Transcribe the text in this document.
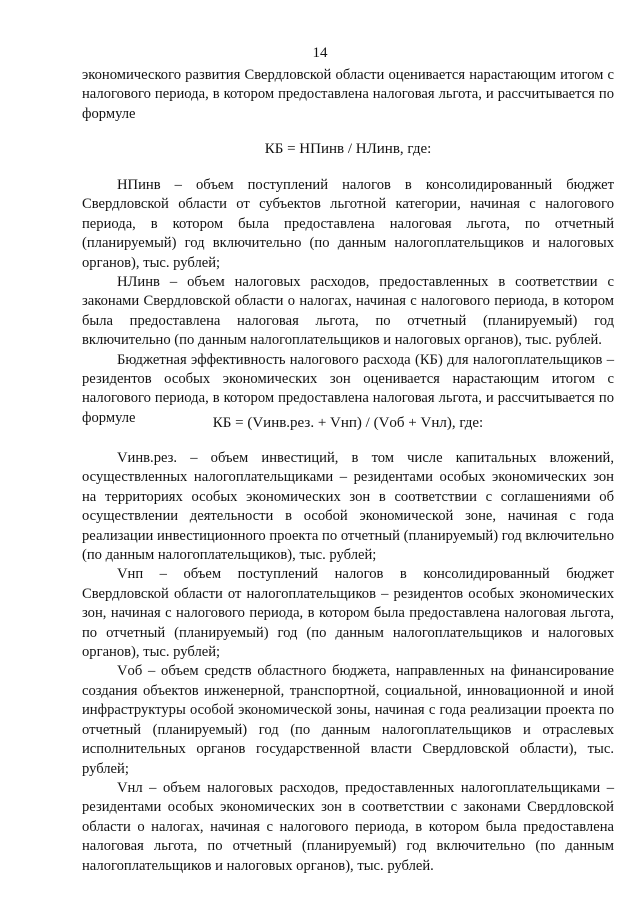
14

экономического развития Свердловской области оценивается нарастающим итогом с налогового периода, в котором предоставлена налоговая льгота, и рассчитывается по формуле

КБ = НПинв / НЛинв, где:

НПинв – объем поступлений налогов в консолидированный бюджет Свердловской области от субъектов льготной категории, начиная с налогового периода, в котором была предоставлена налоговая льгота, по отчетный (планируемый) год включительно (по данным налогоплательщиков и налоговых органов), тыс. рублей;

НЛинв – объем налоговых расходов, предоставленных в соответствии с законами Свердловской области о налогах, начиная с налогового периода, в котором была предоставлена налоговая льгота, по отчетный (планируемый) год включительно (по данным налогоплательщиков и налоговых органов), тыс. рублей.

Бюджетная эффективность налогового расхода (КБ) для налогоплательщиков – резидентов особых экономических зон оценивается нарастающим итогом с налогового периода, в котором предоставлена налоговая льгота, и рассчитывается по формуле	КБ = (Vинв.рез. + Vнп) / (Vоб + Vнл), где:

Vинв.рез. – объем инвестиций, в том числе капитальных вложений, осуществленных налогоплательщиками – резидентами особых экономических зон на территориях особых экономических зон в соответствии с соглашениями об осуществлении деятельности в особой экономической зоне, начиная с года реализации инвестиционного проекта по отчетный (планируемый) год включительно (по данным налогоплательщиков), тыс. рублей;

Vнп – объем поступлений налогов в консолидированный бюджет Свердловской области от налогоплательщиков – резидентов особых экономических зон, начиная с налогового периода, в котором была предоставлена налоговая льгота, по отчетный (планируемый) год (по данным налогоплательщиков и налоговых органов), тыс. рублей;

Vоб – объем средств областного бюджета, направленных на финансирование создания объектов инженерной, транспортной, социальной, инновационной и иной инфраструктуры особой экономической зоны, начиная с года реализации проекта по отчетный (планируемый) год (по данным налогоплательщиков и отраслевых исполнительных органов государственной власти Свердловской области), тыс. рублей;

Vнл – объем налоговых расходов, предоставленных налогоплательщиками – резидентами особых экономических зон в соответствии с законами Свердловской области о налогах, начиная с налогового периода, в котором была предоставлена налоговая льгота, по отчетный (планируемый) год включительно (по данным налогоплательщиков и налоговых органов), тыс. рублей.
